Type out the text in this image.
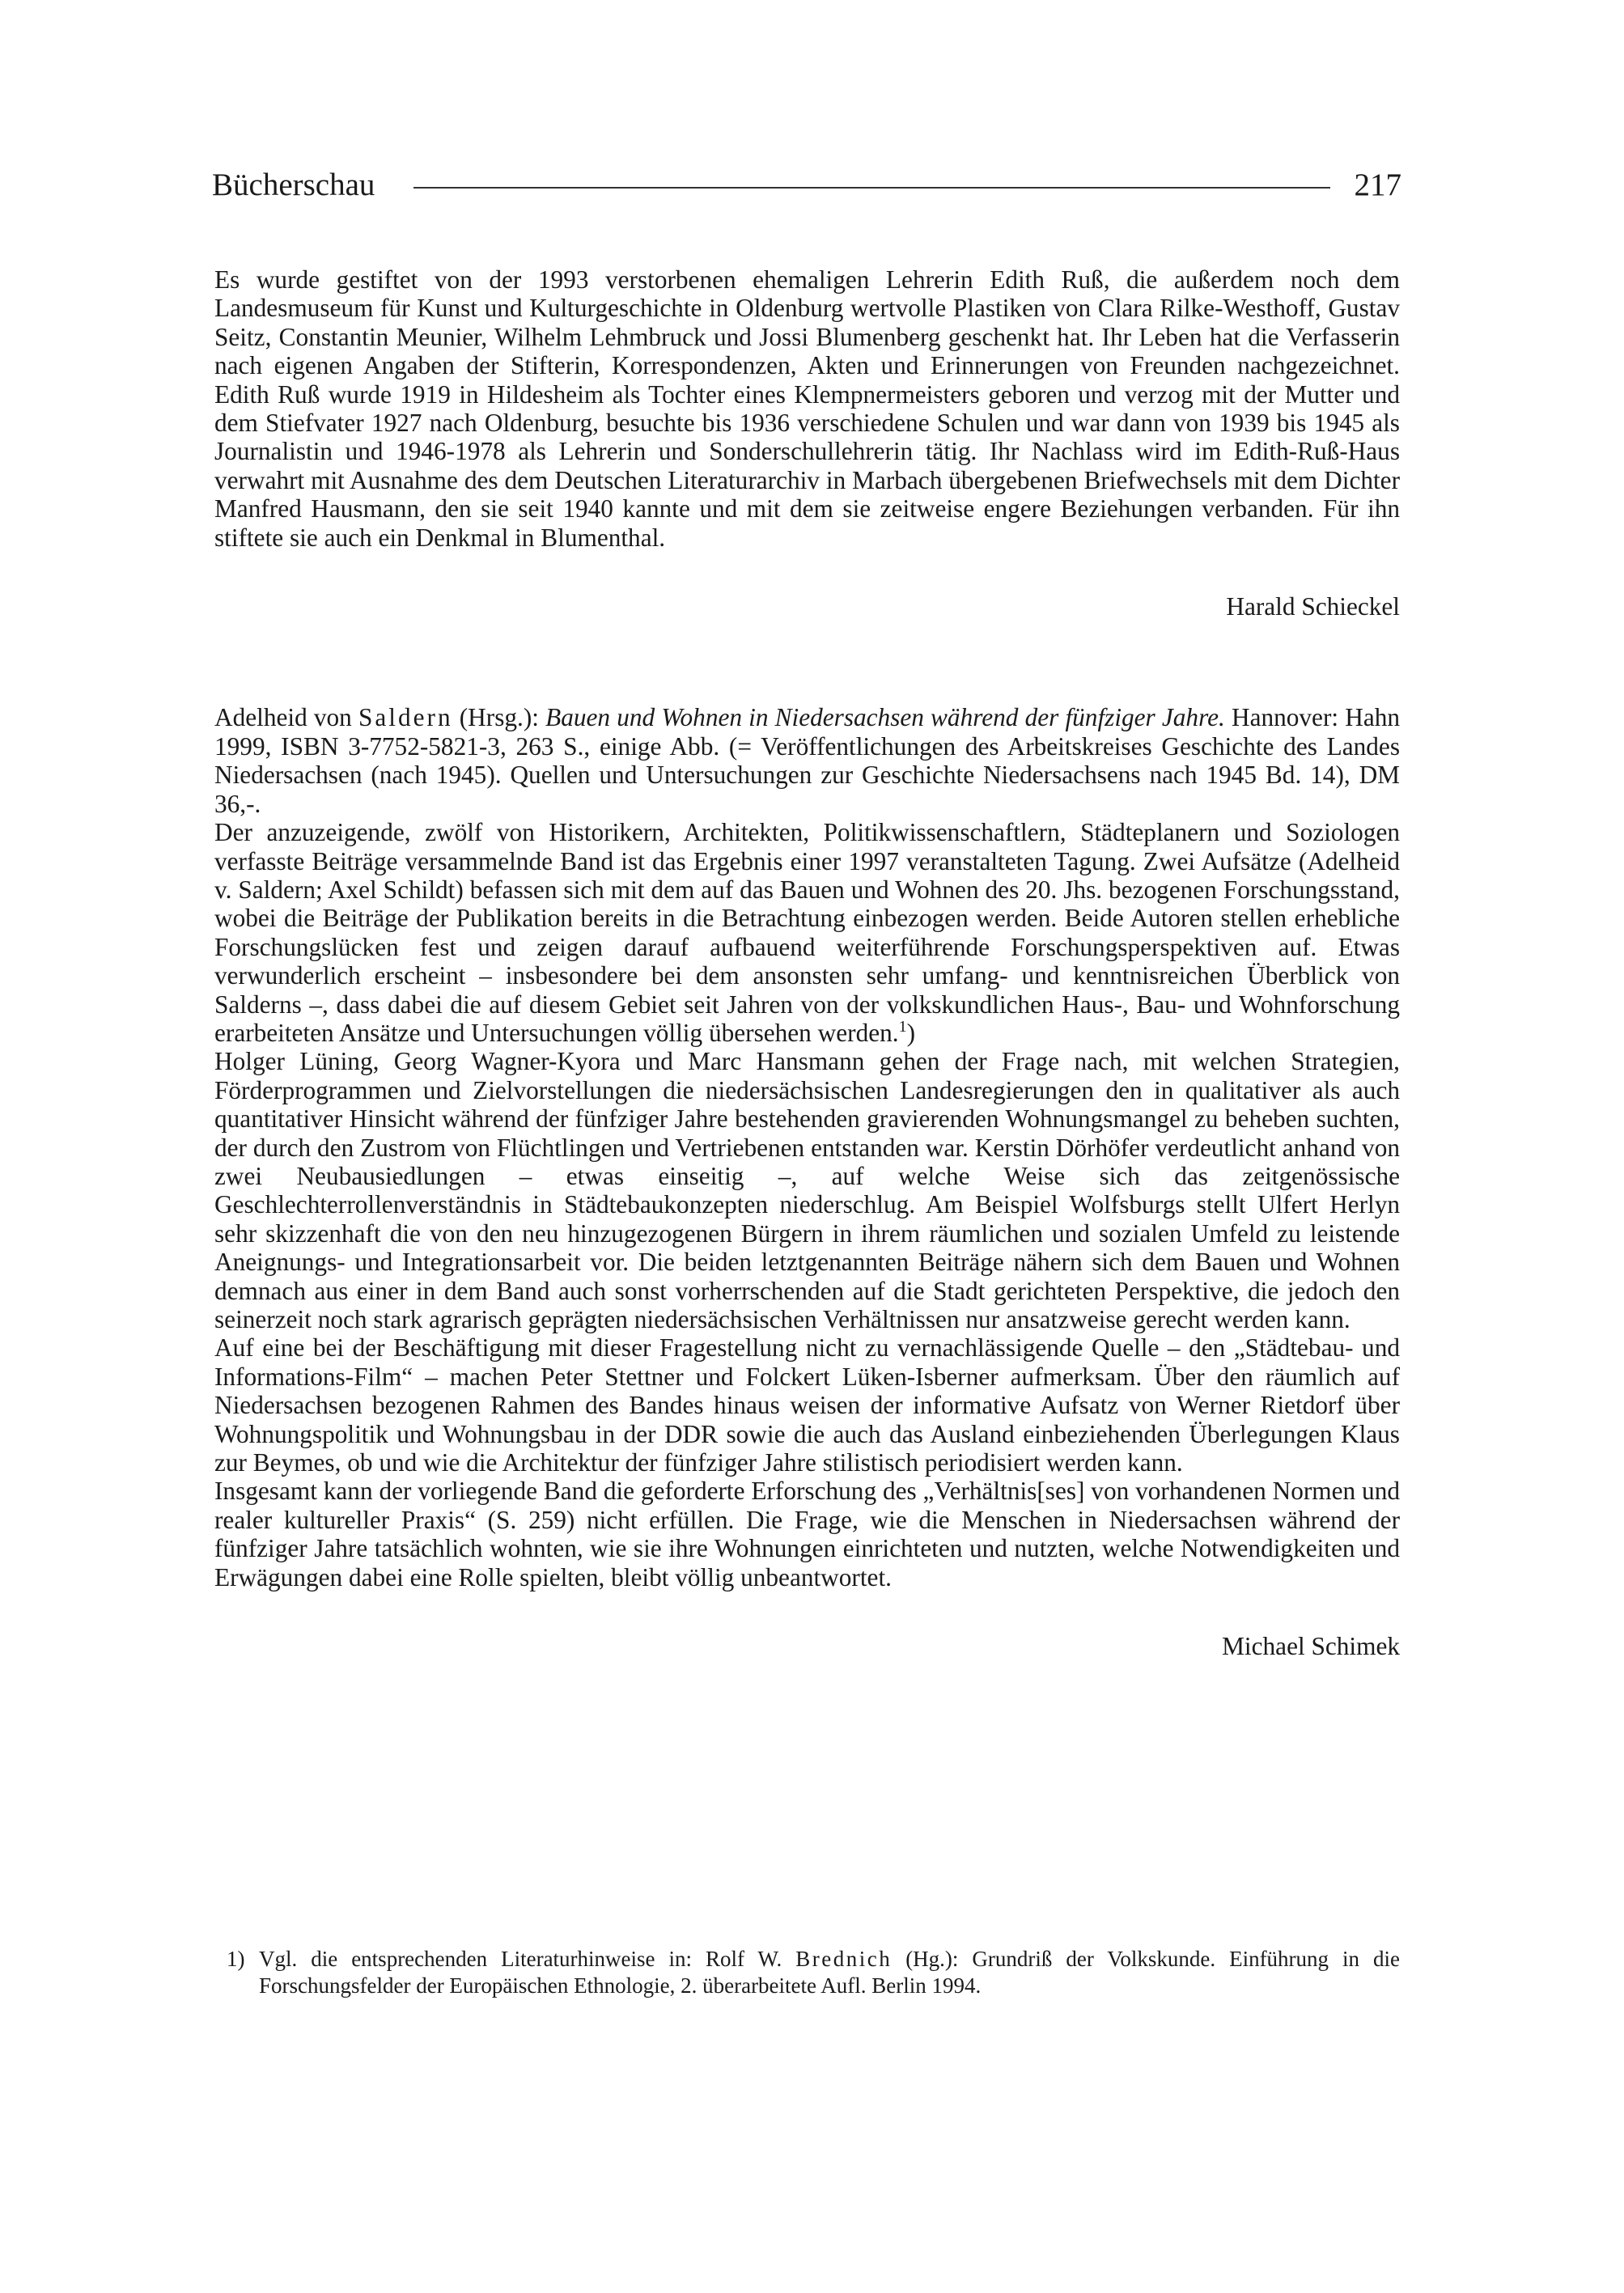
Bücherschau	217

Es wurde gestiftet von der 1993 verstorbenen ehemaligen Lehrerin Edith Ruß, die außerdem noch dem Landesmuseum für Kunst und Kulturgeschichte in Oldenburg wertvolle Plastiken von Clara Rilke-Westhoff, Gustav Seitz, Constantin Meunier, Wilhelm Lehmbruck und Jossi Blumenberg geschenkt hat. Ihr Leben hat die Verfasserin nach eigenen Angaben der Stifterin, Korrespondenzen, Akten und Erinnerungen von Freunden nachgezeichnet. Edith Ruß wurde 1919 in Hildesheim als Tochter eines Klempnermeisters geboren und verzog mit der Mutter und dem Stiefvater 1927 nach Oldenburg, besuchte bis 1936 verschiedene Schulen und war dann von 1939 bis 1945 als Journalistin und 1946-1978 als Lehrerin und Sonderschullehrerin tätig. Ihr Nachlass wird im Edith-Ruß-Haus verwahrt mit Ausnahme des dem Deutschen Literaturarchiv in Marbach übergebenen Briefwechsels mit dem Dichter Manfred Hausmann, den sie seit 1940 kannte und mit dem sie zeitweise engere Beziehungen verbanden. Für ihn stiftete sie auch ein Denkmal in Blumenthal.

Harald Schieckel

Adelheid von Saldern (Hrsg.): Bauen und Wohnen in Niedersachsen während der fünfziger Jahre. Hannover: Hahn 1999, ISBN 3-7752-5821-3, 263 S., einige Abb. (= Veröffentlichungen des Arbeitskreises Geschichte des Landes Niedersachsen (nach 1945). Quellen und Untersuchungen zur Geschichte Niedersachsens nach 1945 Bd. 14), DM 36,-.

Der anzuzeigende, zwölf von Historikern, Architekten, Politikwissenschaftlern, Städteplanern und Soziologen verfasste Beiträge versammelnde Band ist das Ergebnis einer 1997 veranstalteten Tagung. Zwei Aufsätze (Adelheid v. Saldern; Axel Schildt) befassen sich mit dem auf das Bauen und Wohnen des 20. Jhs. bezogenen Forschungsstand, wobei die Beiträge der Publikation bereits in die Betrachtung einbezogen werden. Beide Autoren stellen erhebliche Forschungslücken fest und zeigen darauf aufbauend weiterführende Forschungsperspektiven auf. Etwas verwunderlich erscheint – insbesondere bei dem ansonsten sehr umfang- und kenntnisreichen Überblick von Salderns –, dass dabei die auf diesem Gebiet seit Jahren von der volkskundlichen Haus-, Bau- und Wohnforschung erarbeiteten Ansätze und Untersuchungen völlig übersehen werden.$^1$)

Holger Lüning, Georg Wagner-Kyora und Marc Hansmann gehen der Frage nach, mit welchen Strategien, Förderprogrammen und Zielvorstellungen die niedersächsischen Landesregierungen den in qualitativer als auch quantitativer Hinsicht während der fünfziger Jahre bestehenden gravierenden Wohnungsmangel zu beheben suchten, der durch den Zustrom von Flüchtlingen und Vertriebenen entstanden war. Kerstin Dörhöfer verdeutlicht anhand von zwei Neubausiedlungen – etwas einseitig –, auf welche Weise sich das zeitgenössische Geschlechterrollenverständnis in Städtebaukonzepten niederschlug. Am Beispiel Wolfsburgs stellt Ulfert Herlyn sehr skizzenhaft die von den neu hinzugezogenen Bürgern in ihrem räumlichen und sozialen Umfeld zu leistende Aneignungs- und Integrationsarbeit vor. Die beiden letztgenannten Beiträge nähern sich dem Bauen und Wohnen demnach aus einer in dem Band auch sonst vorherrschenden auf die Stadt gerichteten Perspektive, die jedoch den seinerzeit noch stark agrarisch geprägten niedersächsischen Verhältnissen nur ansatzweise gerecht werden kann.

Auf eine bei der Beschäftigung mit dieser Fragestellung nicht zu vernachlässigende Quelle – den „Städtebau- und Informations-Film“ – machen Peter Stettner und Folckert Lüken-Isberner aufmerksam. Über den räumlich auf Niedersachsen bezogenen Rahmen des Bandes hinaus weisen der informative Aufsatz von Werner Rietdorf über Wohnungspolitik und Wohnungsbau in der DDR sowie die auch das Ausland einbeziehenden Überlegungen Klaus zur Beymes, ob und wie die Architektur der fünfziger Jahre stilistisch periodisiert werden kann.

Insgesamt kann der vorliegende Band die geforderte Erforschung des „Verhältnis[ses] von vorhandenen Normen und realer kultureller Praxis“ (S. 259) nicht erfüllen. Die Frage, wie die Menschen in Niedersachsen während der fünfziger Jahre tatsächlich wohnten, wie sie ihre Wohnungen einrichteten und nutzten, welche Notwendigkeiten und Erwägungen dabei eine Rolle spielten, bleibt völlig unbeantwortet.

Michael Schimek

1) Vgl. die entsprechenden Literaturhinweise in: Rolf W. Brednich (Hg.): Grundriß der Volkskunde. Einführung in die Forschungsfelder der Europäischen Ethnologie, 2. überarbeitete Aufl. Berlin 1994.
